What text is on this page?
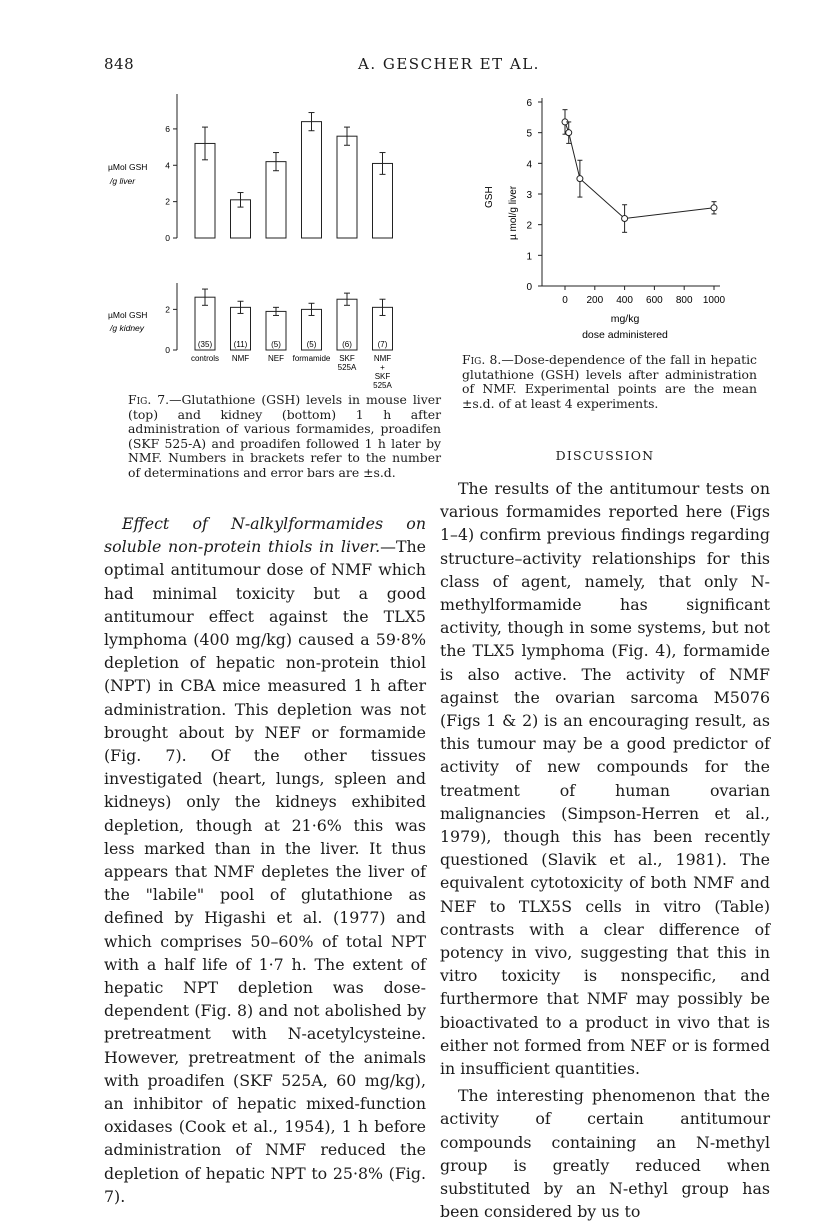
848	A. GESCHER ET AL.
0
2
4
6
0
2
(35)
controls
(11)
NMF
(5)
NEF
(5)
formamide
(6)
SKF
525A
(7)
NMF
+
SKF
525A
µMol GSH
/g liver
µMol GSH
/g kidney
0
1
2
3
4
5
6
0 200 400 600 800 1000
GSH µ mol/g liver
mg/kg
dose administered

Fig. 7.—Glutathione (GSH) levels in mouse liver (top) and kidney (bottom) 1 h after administration of various formamides, proadifen (SKF 525-A) and proadifen followed 1 h later by NMF. Numbers in brackets refer to the number of determinations and error bars are ±s.d.

Fig. 8.—Dose-dependence of the fall in hepatic glutathione (GSH) levels after administration of NMF. Experimental points are the mean ±s.d. of at least 4 experiments.

Effect of N-alkylformamides on soluble non-protein thiols in liver.—The optimal antitumour dose of NMF which had minimal toxicity but a good antitumour effect against the TLX5 lymphoma (400 mg/kg) caused a 59·8% depletion of hepatic non-protein thiol (NPT) in CBA mice measured 1 h after administration. This depletion was not brought about by NEF or formamide (Fig. 7). Of the other tissues investigated (heart, lungs, spleen and kidneys) only the kidneys exhibited depletion, though at 21·6% this was less marked than in the liver. It thus appears that NMF depletes the liver of the "labile" pool of glutathione as defined by Higashi et al. (1977) and which comprises 50–60% of total NPT with a half life of 1·7 h. The extent of hepatic NPT depletion was dose-dependent (Fig. 8) and not abolished by pretreatment with N-acetylcysteine. However, pretreatment of the animals with proadifen (SKF 525A, 60 mg/kg), an inhibitor of hepatic mixed-function oxidases (Cook et al., 1954), 1 h before administration of NMF reduced the depletion of hepatic NPT to 25·8% (Fig. 7).

DISCUSSION

The results of the antitumour tests on various formamides reported here (Figs 1–4) confirm previous findings regarding structure–activity relationships for this class of agent, namely, that only N-methylformamide has significant activity, though in some systems, but not the TLX5 lymphoma (Fig. 4), formamide is also active. The activity of NMF against the ovarian sarcoma M5076 (Figs 1 & 2) is an encouraging result, as this tumour may be a good predictor of activity of new compounds for the treatment of human ovarian malignancies (Simpson-Herren et al., 1979), though this has been recently questioned (Slavik et al., 1981). The equivalent cytotoxicity of both NMF and NEF to TLX5S cells in vitro (Table) contrasts with a clear difference of potency in vivo, suggesting that this in vitro toxicity is nonspecific, and furthermore that NMF may possibly be bioactivated to a product in vivo that is either not formed from NEF or is formed in insufficient quantities.

The interesting phenomenon that the activity of certain antitumour compounds containing an N-methyl group is greatly reduced when substituted by an N-ethyl group has been considered by us to
